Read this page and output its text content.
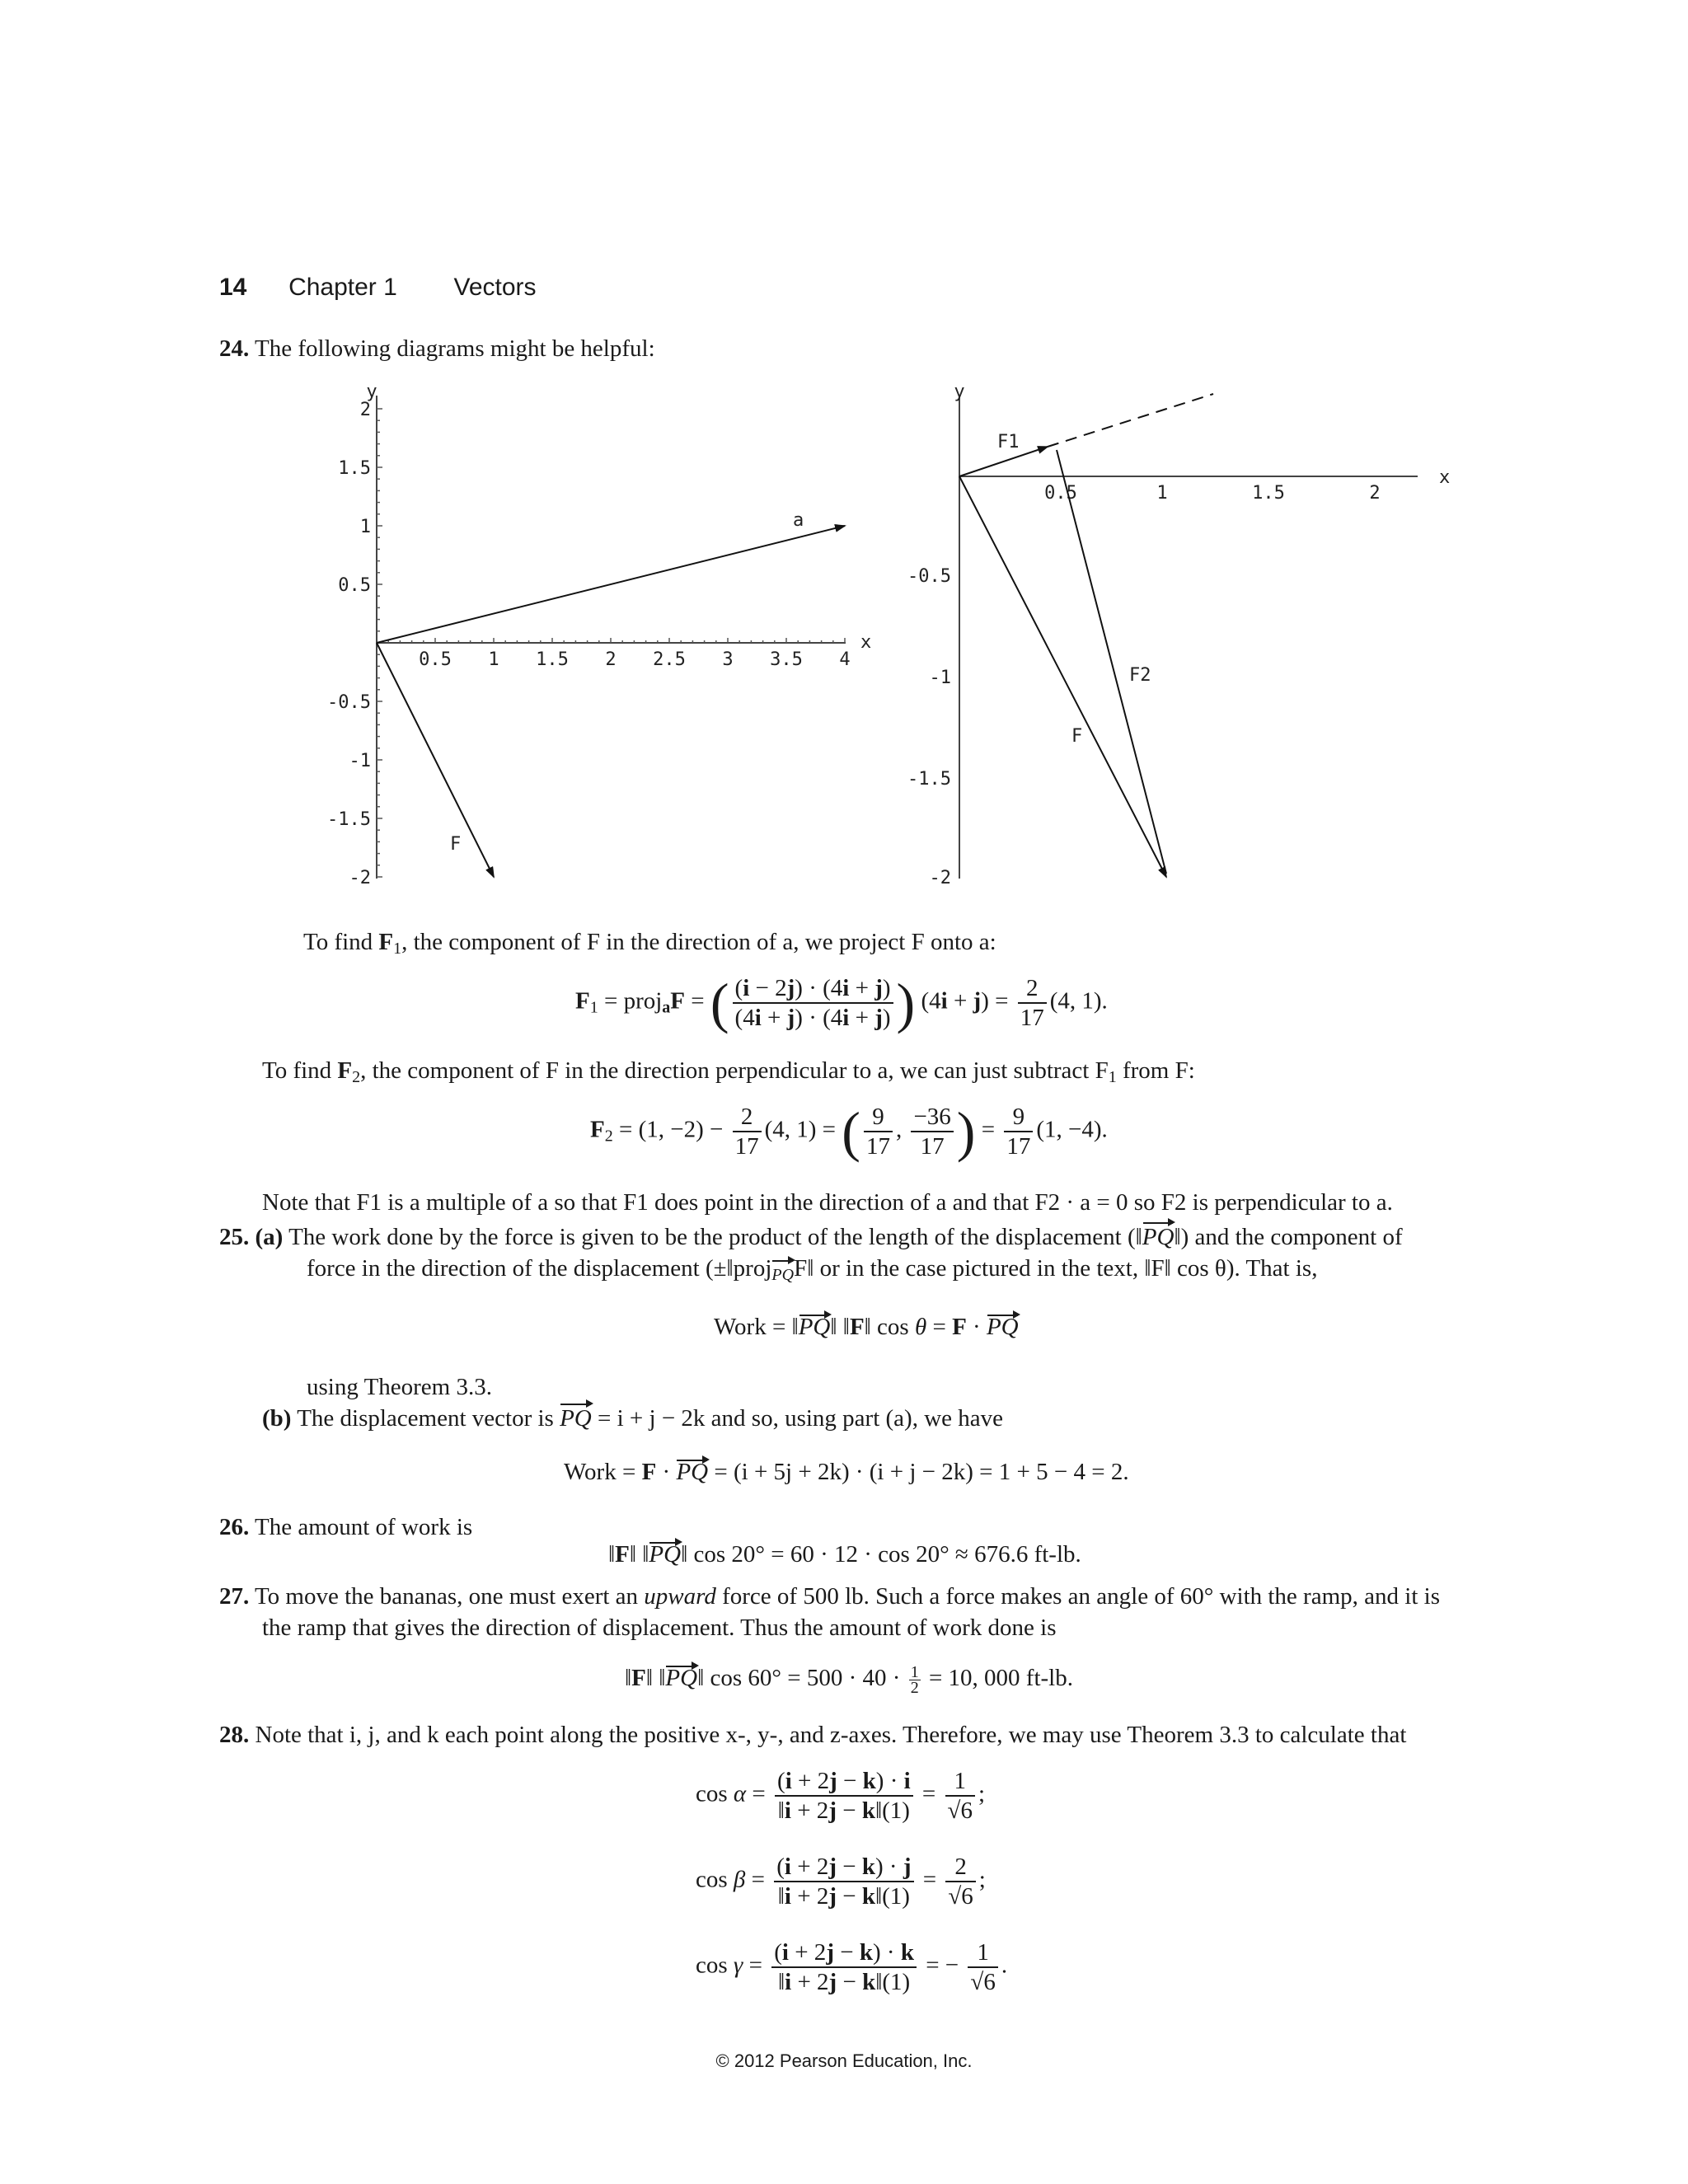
14 Chapter 1 Vectors
24. The following diagrams might be helpful:
y
x
0.5 1 1.5 2 2.5 3 3.5 4
2
1.5
1
0.5
-0.5
-1
-1.5
-2
a
F
y
x
0.5	1	1.5	2
-0.5
-1
-1.5
-2
F1
F2
F
To find $F_1$, the component of F in the direction of a, we project F onto a:
$F_1$ = proj$_a$F = ( $\frac{(i - 2j) \cdot (4i + j)}{(4i + j) \cdot (4i + j)}$ ) $(4i + j) = \frac{2}{17} (4$, 1).
To find $F_2$, the component of F in the direction perpendicular to a, we can just subtract $F_1$ from F:
$F_2 = (1$, $-2) - \frac{2}{17} (4$, 1) = ( $\frac{9}{17}$ , $\frac{-36}{17}$ ) = $\frac{9}{17} (1$, −4).
Note that F1 is a multiple of a so that F1 does point in the direction of a and that F2 · a = 0 so F2 is perpendicular to a.
25. (a) The work done by the force is given to be the product of the length of the displacement (‖PQ‖) and the component of
force in the direction of the displacement (±‖proj$_{PQ}$F‖ or in the case pictured in the text, ‖F‖ cos θ). That is,
Work = ‖PQ‖ ‖F‖ cos θ = F · PQ
using Theorem 3.3.
(b) The displacement vector is PQ = i + j − 2k and so, using part (a), we have
Work = F · PQ = (i + 5j + 2k) · (i + j − 2k) = 1 + 5 − 4 = 2.
26. The amount of work is
‖F‖ ‖PQ‖ cos 20° = 60 · 12 · cos 20° ≈ 676.6 ft-lb.
27. To move the bananas, one must exert an upward force of 500 lb. Such a force makes an angle of 60° with the ramp, and it is
the ramp that gives the direction of displacement. Thus the amount of work done is
‖F‖ ‖PQ‖ $\cos 60^\circ = 500 \cdot 40 \cdot \frac{1}{2} = 10$, 000 ft-lb.
28. Note that i, j, and k each point along the positive x-, y-, and z-axes. Therefore, we may use Theorem 3.3 to calculate that
$\cos \alpha = \frac{(i + 2j - k) \cdot i}{‖i + 2j - k‖(1)} = \frac{1}{√6}$ ;
$\cos \beta = \frac{(i + 2j - k) \cdot j}{‖i + 2j - k‖(1)} = \frac{2}{√6}$ ;
$\cos \gamma = \frac{(i + 2j - k) \cdot k}{‖i + 2j - k‖(1)}$ = − $\frac{1}{√6}$ .
© 2012 Pearson Education, Inc.
